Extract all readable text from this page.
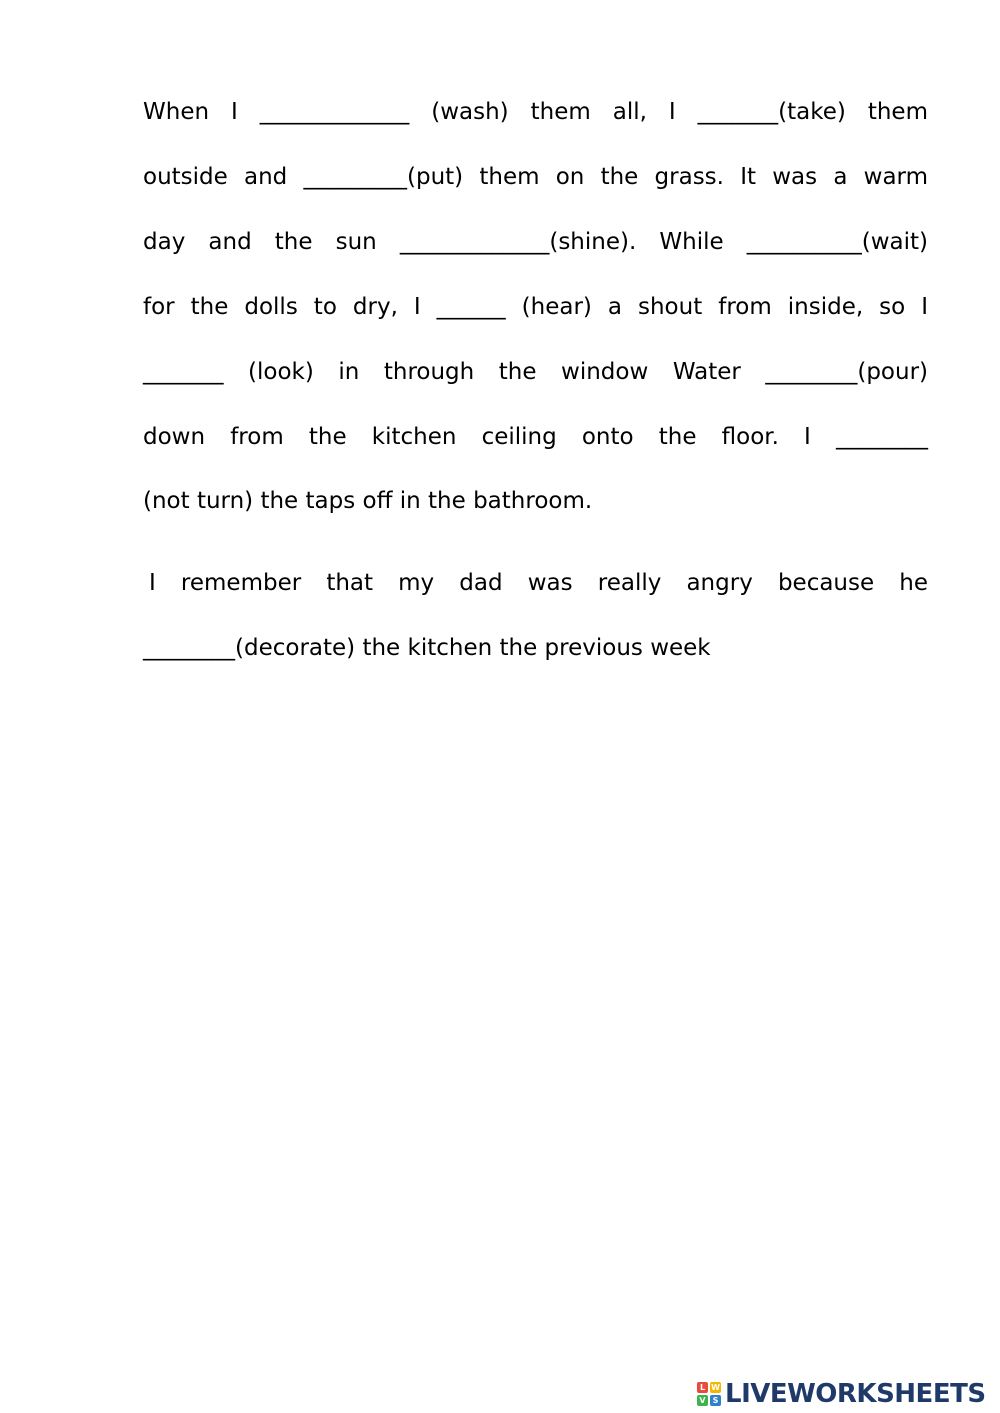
When I _____________ (wash) them all, I _______(take) them
outside and _________(put) them on the grass. It was a warm
day and the sun _____________(shine). While __________(wait)
for the dolls to dry, I ______ (hear) a shout from inside, so I
_______ (look) in through the window Water ________(pour)
down from the kitchen ceiling onto the floor. I ________
(not turn) the taps off in the bathroom.
I remember that my dad was really angry because he
________(decorate) the kitchen the previous week
L W
V S LIVEWORKSHEETS
